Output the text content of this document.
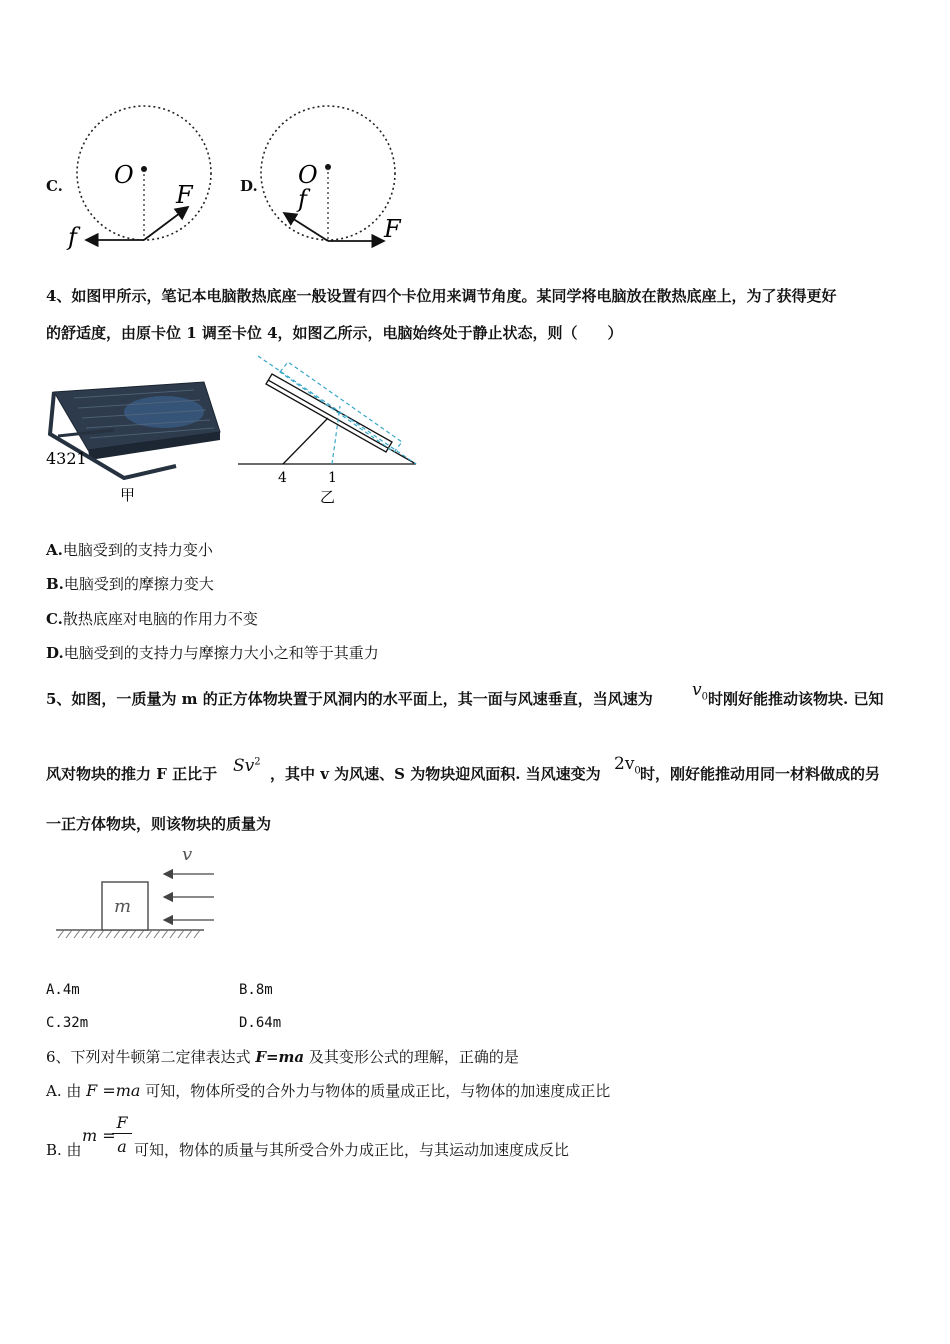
C. O
F
f
D. O
F
f
4、如图甲所示，笔记本电脑散热底座一般设置有四个卡位用来调节角度。某同学将电脑放在散热底座上，为了获得更好
的舒适度，由原卡位 1 调至卡位 4，如图乙所示，电脑始终处于静止状态，则（　　）
4321
甲
4	1
乙
A.电脑受到的支持力变小
B.电脑受到的摩擦力变大
C.散热底座对电脑的作用力不变
D.电脑受到的支持力与摩擦力大小之和等于其重力
5、如图，一质量为 m 的正方体物块置于风洞内的水平面上，其一面与风速垂直，当风速为 $v_0$ 时刚好能推动该物块. 已知
风对物块的推力 F 正比于 Sv$^2$
，其中 v 为风速、S 为物块迎风面积. 当风速变为 $2v_0$ 时，刚好能推动用同一材料做成的另
一正方体物块，则该物块的质量为
m
v
A.4m	B.8m
C.32m	D.64m
6、下列对牛顿第二定律表达式 F=ma 及其变形公式的理解，正确的是
A. 由 F =ma 可知，物体所受的合外力与物体的质量成正比，与物体的加速度成正比
B. 由
m =
F
a 可知，物体的质量与其所受合外力成正比，与其运动加速度成反比
